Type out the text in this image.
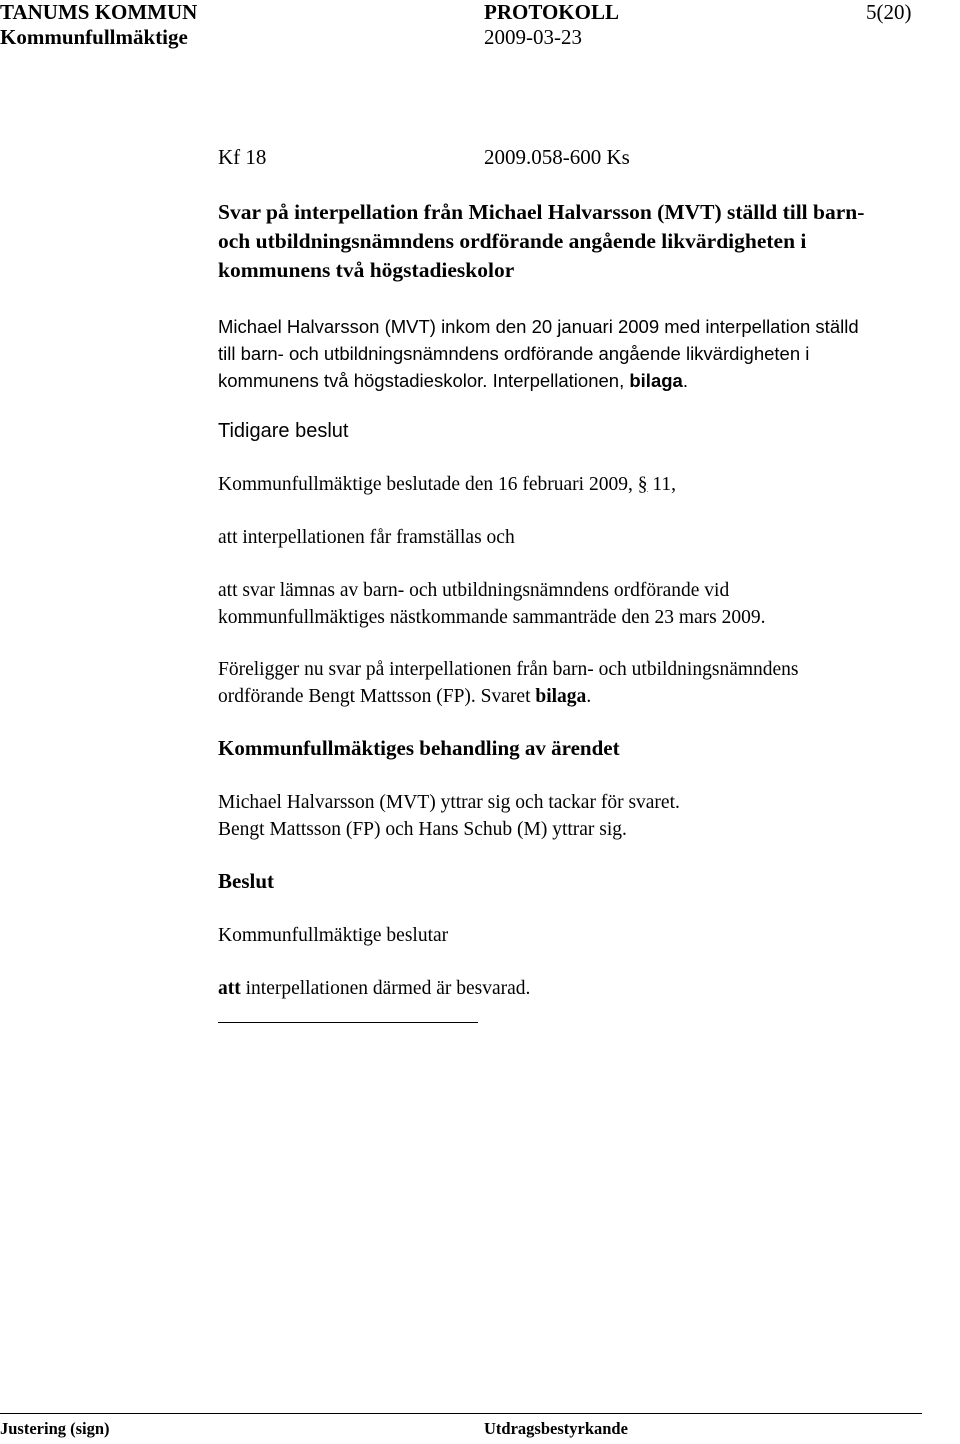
TANUMS KOMMUN	PROTOKOLL	5(20)
Kommunfullmäktige	2009-03-23
Kf 18	2009.058-600 Ks
Svar på interpellation från Michael Halvarsson (MVT) ställd till barn-
och utbildningsnämndens ordförande angående likvärdigheten i
kommunens två högstadieskolor
Michael Halvarsson (MVT) inkom den 20 januari 2009 med interpellation ställd
till barn- och utbildningsnämndens ordförande angående likvärdigheten i
kommunens två högstadieskolor. Interpellationen, bilaga.
Tidigare beslut
Kommunfullmäktige beslutade den 16 februari 2009, § 11,
att interpellationen får framställas och
att svar lämnas av barn- och utbildningsnämndens ordförande vid
kommunfullmäktiges nästkommande sammanträde den 23 mars 2009.
Föreligger nu svar på interpellationen från barn- och utbildningsnämndens
ordförande Bengt Mattsson (FP). Svaret bilaga.
Kommunfullmäktiges behandling av ärendet
Michael Halvarsson (MVT) yttrar sig och tackar för svaret.
Bengt Mattsson (FP) och Hans Schub (M) yttrar sig.
Beslut
Kommunfullmäktige beslutar
att interpellationen därmed är besvarad.
Justering (sign)	Utdragsbestyrkande
